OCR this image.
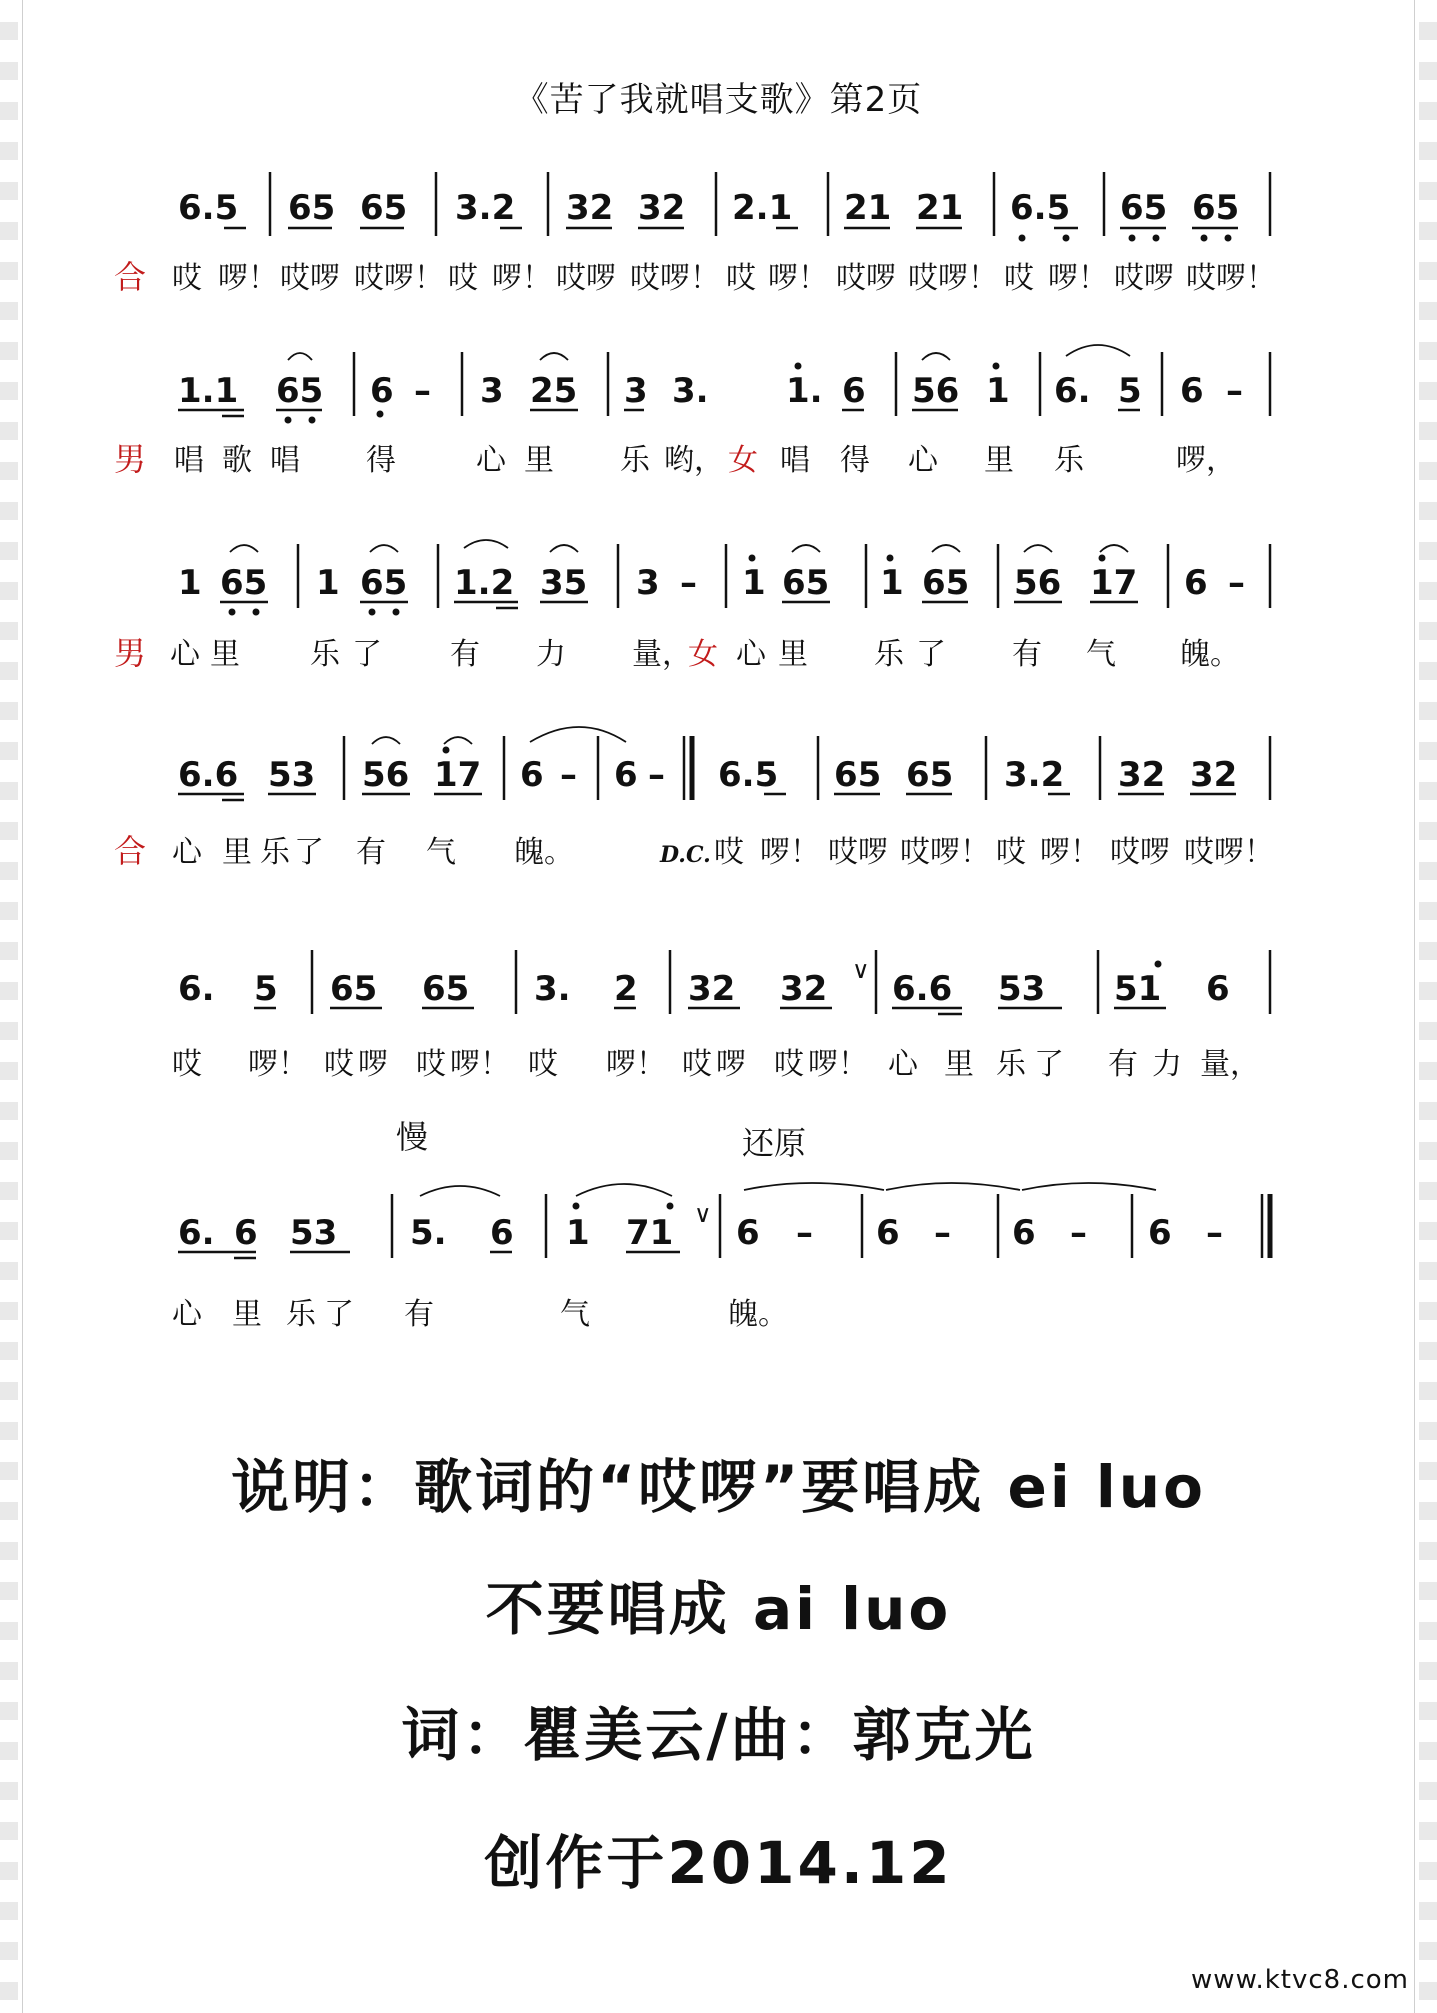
《苦了我就唱支歌》第2页
6.5 65 65 3.2 32 32 2.1 21 21 6.5 65 65
合 哎 啰！ 哎啰 哎啰！ 哎 啰！ 哎啰 哎啰！ 哎 啰！ 哎啰 哎啰！ 哎 啰！ 哎啰 哎啰！
1.1 65 6 – 3 25 3 3. 1. 6 56 1 6. 5 6 –
男 唱 歌 唱 得	心 里 乐 哟， 女 唱 得 心 里 乐	啰，
1 65 1 65 1.2 35 3 – 1 65 1 65 56 17 6 –
男 心 里 乐 了 有 力 量，
女 心 里 乐 了 有 气 魄。
6.6 53 56 17 6 – 6 – 6.5 65 65 3.2 32 32
合 心 里 乐 了 有 气 魄。	D.C. 哎 啰！ 哎啰 哎啰！ 哎 啰！ 哎啰 哎啰！
6. 5 65 65 3. 2 32 32 ∨ 6.6 53 51 6
哎 啰！ 哎 啰 哎 啰！ 哎 啰！ 哎 啰 哎 啰！ 心 里 乐 了 有 力 量，
慢	还原
6. 6 53 5. 6 1 71 ∨ 6 – 6 – 6 – 6 –
心 里 乐 了 有	气	魄。
说明：歌词的“哎啰”要唱成 ei luo
不要唱成 ai luo
词：瞿美云/曲：郭克光
创作于2014.12
www.ktvc8.com
